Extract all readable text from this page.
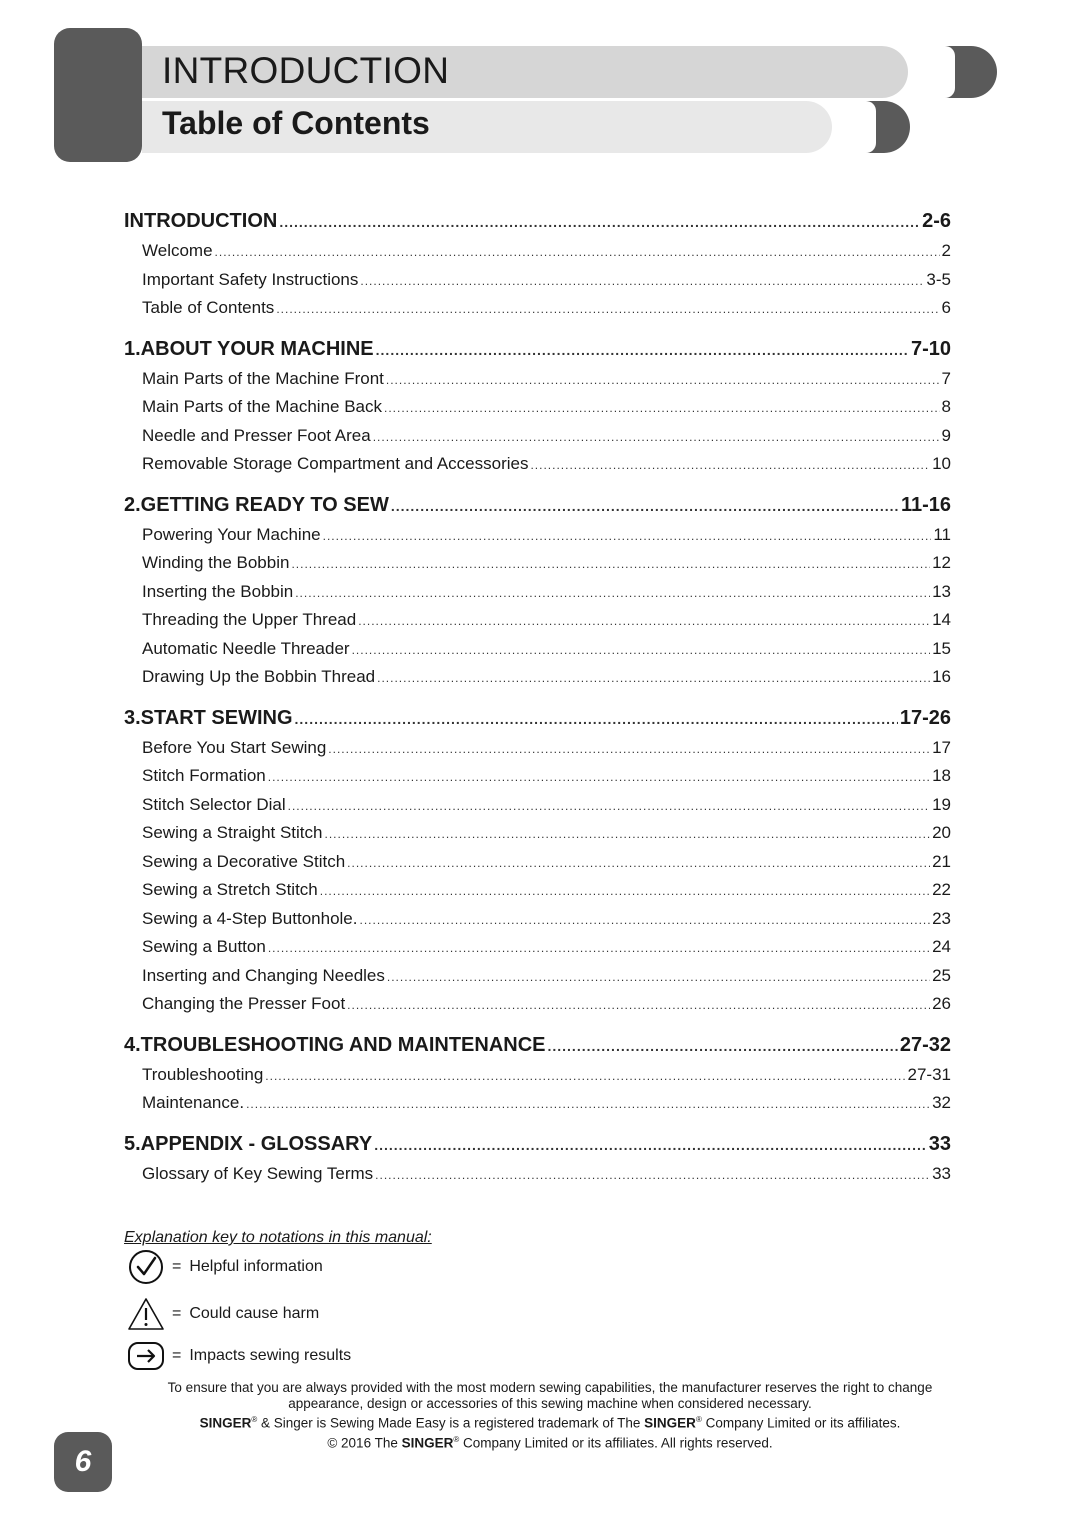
INTRODUCTION
Table of Contents
INTRODUCTION .....	2-6
Welcome .....	2
Important Safety Instructions .....	3-5
Table of Contents .....	6
1.ABOUT YOUR MACHINE .....	7-10
Main Parts of the Machine Front .....	7
Main Parts of the Machine Back .....	8
Needle and Presser Foot Area .....	9
Removable Storage Compartment and Accessories .....	10
2.GETTING READY TO SEW .....	11-16
Powering Your Machine .....	11
Winding the Bobbin .....	12
Inserting the Bobbin .....	13
Threading the Upper Thread .....	14
Automatic Needle Threader .....	15
Drawing Up the Bobbin Thread .....	16
3.START SEWING .....	17-26
Before You Start Sewing .....	17
Stitch Formation .....	18
Stitch Selector Dial .....	19
Sewing a Straight Stitch .....	20
Sewing a Decorative Stitch .....	21
Sewing a Stretch Stitch .....	22
Sewing a 4-Step Buttonhole. .....	23
Sewing a Button .....	24
Inserting and Changing Needles .....	25
Changing the Presser Foot .....	26
4.TROUBLESHOOTING AND MAINTENANCE .....	27-32
Troubleshooting .....	27-31
Maintenance. .....	32
5.APPENDIX - GLOSSARY .....	33
Glossary of Key Sewing Terms .....	33
Explanation key to notations in this manual:
= Helpful information
= Could cause harm
= Impacts sewing results
To ensure that you are always provided with the most modern sewing capabilities, the manufacturer reserves the right to change
appearance, design or accessories of this sewing machine when considered necessary.
SINGER® & Singer is Sewing Made Easy is a registered trademark of The SINGER® Company Limited or its affiliates.
© 2016 The SINGER® Company Limited or its affiliates. All rights reserved.
6
